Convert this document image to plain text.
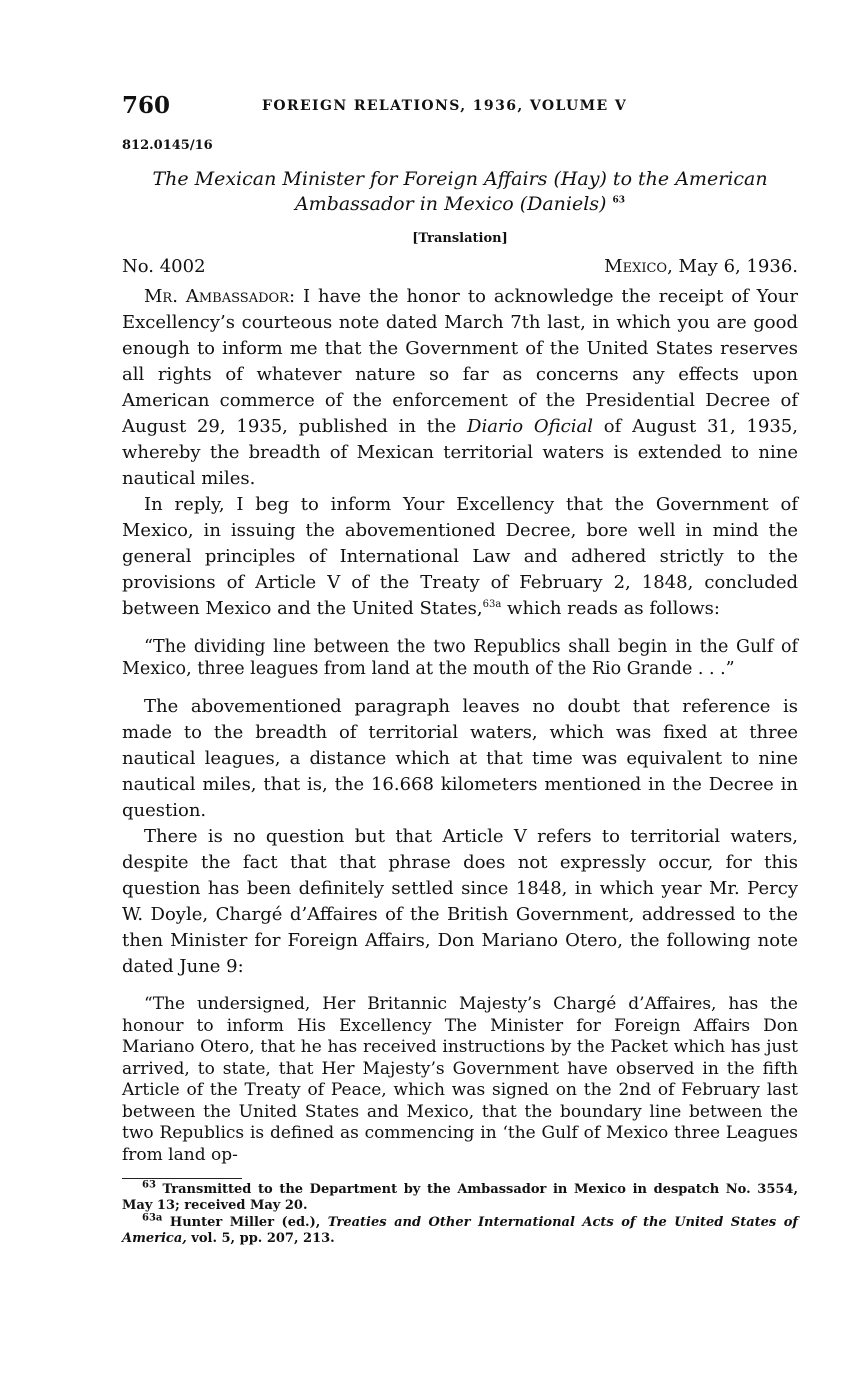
760	FOREIGN RELATIONS, 1936, VOLUME V
812.0145/16
The Mexican Minister for Foreign Affairs (Hay) to the American
Ambassador in Mexico (Daniels) $^{63}$
[Translation]
No. 4002	Mexico, May 6, 1936.

Mr. Ambassador: I have the honor to acknowledge the receipt of Your Excellency’s courteous note dated March 7th last, in which you are good enough to inform me that the Government of the United States reserves all rights of whatever nature so far as concerns any effects upon American commerce of the enforcement of the Presidential Decree of August 29, 1935, published in the Diario Oficial of August 31, 1935, whereby the breadth of Mexican territorial waters is extended to nine nautical miles.

In reply, I beg to inform Your Excellency that the Government of Mexico, in issuing the abovementioned Decree, bore well in mind the general principles of International Law and adhered strictly to the provisions of Article V of the Treaty of February 2, 1848, concluded between Mexico and the United States,$^{63a}$ which reads as follows:

“The dividing line between the two Republics shall begin in the Gulf of Mexico, three leagues from land at the mouth of the Rio Grande . . .”

The abovementioned paragraph leaves no doubt that reference is made to the breadth of territorial waters, which was fixed at three nautical leagues, a distance which at that time was equivalent to nine nautical miles, that is, the 16.668 kilometers mentioned in the Decree in question.

There is no question but that Article V refers to territorial waters, despite the fact that that phrase does not expressly occur, for this question has been definitely settled since 1848, in which year Mr. Percy W. Doyle, Chargé d’Affaires of the British Government, addressed to the then Minister for Foreign Affairs, Don Mariano Otero, the following note dated June 9:

“The undersigned, Her Britannic Majesty’s Chargé d’Affaires, has the honour to inform His Excellency The Minister for Foreign Affairs Don Mariano Otero, that he has received instructions by the Packet which has just arrived, to state, that Her Majesty’s Government have observed in the fifth Article of the Treaty of Peace, which was signed on the 2nd of February last between the United States and Mexico, that the boundary line between the two Republics is defined as commencing in ‘the Gulf of Mexico three Leagues from land op-
$^{63}$ Transmitted to the Department by the Ambassador in Mexico in despatch No. 3554, May 13; received May 20.
$^{63a}$ Hunter Miller (ed.), Treaties and Other International Acts of the United States of America, vol. 5, pp. 207, 213.
